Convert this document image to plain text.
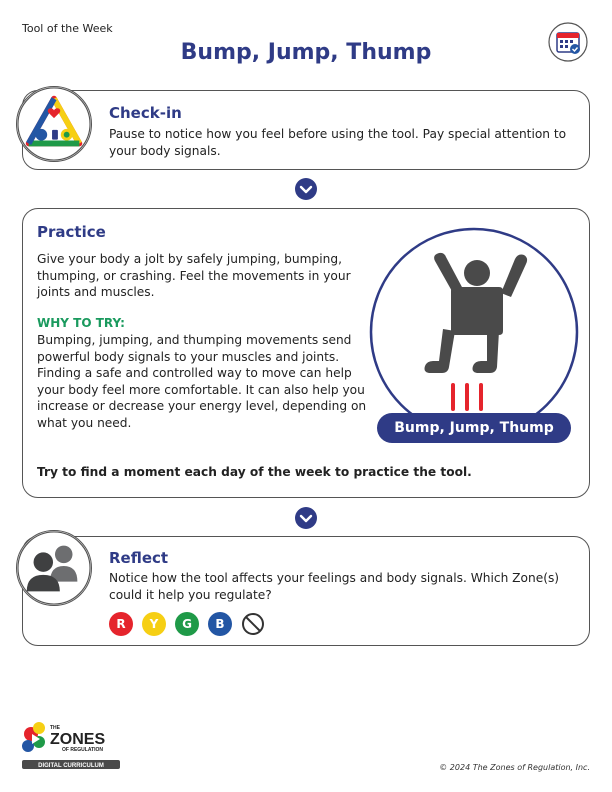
Tool of the Week
Bump, Jump, Thump
Check-in
Pause to notice how you feel before using the tool. Pay special attention to your body signals.
Practice
Give your body a jolt by safely jumping, bumping, thumping, or crashing. Feel the movements in your joints and muscles.
WHY TO TRY:
Bumping, jumping, and thumping movements send powerful body signals to your muscles and joints. Finding a safe and controlled way to move can help your body feel more comfortable. It can also help you increase or decrease your energy level, depending on what you need.	Bump, Jump, Thump
Try to find a moment each day of the week to practice the tool.
Reflect
Notice how the tool affects your feelings and body signals. Which Zone(s) could it help you regulate?
R	Y	G	B
THE
ZONES
OF REGULATION
DIGITAL CURRICULUM	© 2024 The Zones of Regulation, Inc.
